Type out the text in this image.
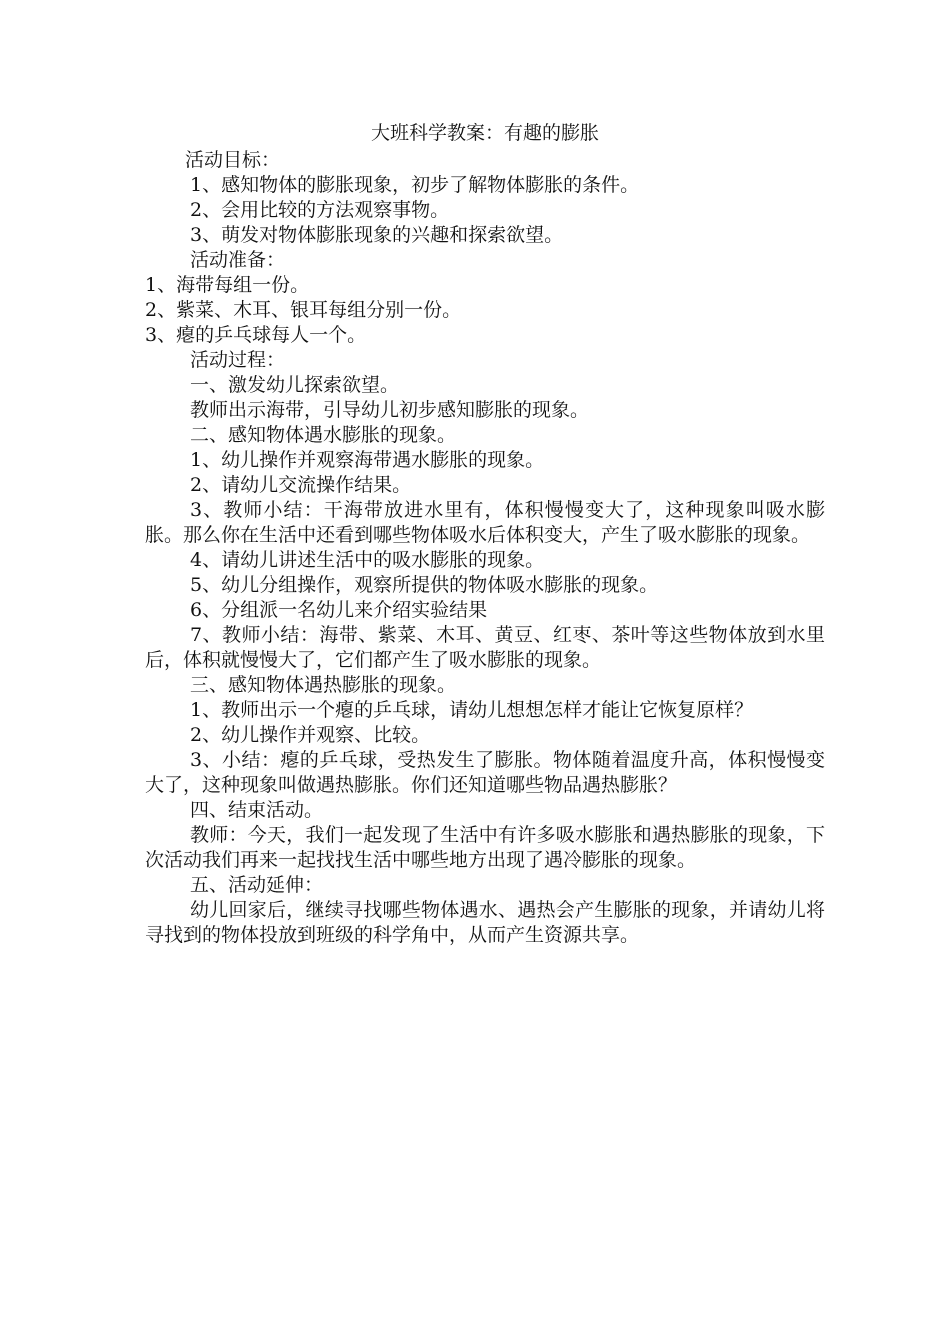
大班科学教案：有趣的膨胀

活动目标：

1、感知物体的膨胀现象，初步了解物体膨胀的条件。

2、会用比较的方法观察事物。

3、萌发对物体膨胀现象的兴趣和探索欲望。

活动准备：

1、海带每组一份。

2、紫菜、木耳、银耳每组分别一份。

3、瘪的乒乓球每人一个。

活动过程：

一、激发幼儿探索欲望。

教师出示海带，引导幼儿初步感知膨胀的现象。

二、感知物体遇水膨胀的现象。

1、幼儿操作并观察海带遇水膨胀的现象。

2、请幼儿交流操作结果。

3、教师小结：干海带放进水里有，体积慢慢变大了，这种现象叫吸水膨胀。那么你在生活中还看到哪些物体吸水后体积变大，产生了吸水膨胀的现象。

4、请幼儿讲述生活中的吸水膨胀的现象。

5、幼儿分组操作，观察所提供的物体吸水膨胀的现象。

6、分组派一名幼儿来介绍实验结果

7、教师小结：海带、紫菜、木耳、黄豆、红枣、茶叶等这些物体放到水里后，体积就慢慢大了，它们都产生了吸水膨胀的现象。

三、感知物体遇热膨胀的现象。

1、教师出示一个瘪的乒乓球，请幼儿想想怎样才能让它恢复原样？

2、幼儿操作并观察、比较。

3、小结：瘪的乒乓球，受热发生了膨胀。物体随着温度升高，体积慢慢变大了，这种现象叫做遇热膨胀。你们还知道哪些物品遇热膨胀？

四、结束活动。

教师：今天，我们一起发现了生活中有许多吸水膨胀和遇热膨胀的现象，下次活动我们再来一起找找生活中哪些地方出现了遇冷膨胀的现象。

五、活动延伸：

幼儿回家后，继续寻找哪些物体遇水、遇热会产生膨胀的现象，并请幼儿将寻找到的物体投放到班级的科学角中，从而产生资源共享。
